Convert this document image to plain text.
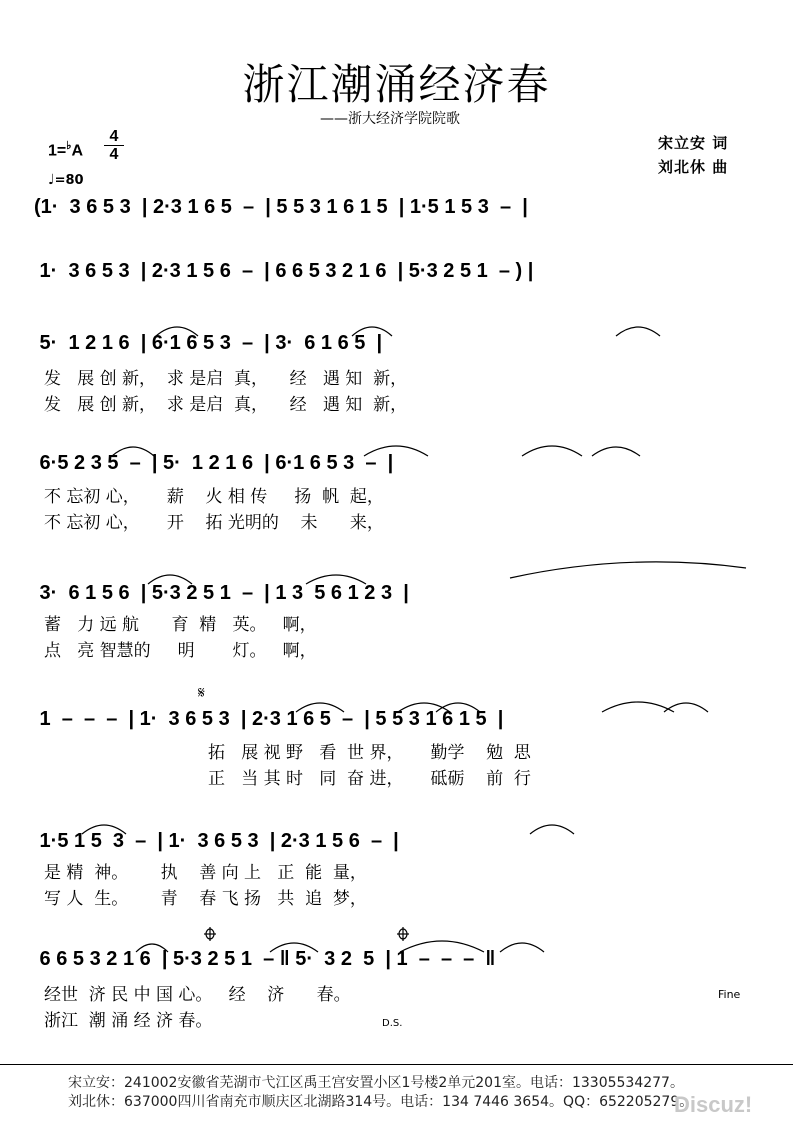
浙江潮涌经济春
——浙大经济学院院歌
1=♭A
4
4
♩=80
宋立安 词
刘北休 曲
(1·  3 6 5 3  | 2·3 1 6 5  –  | 5 5 3 1 6 1 5  | 1·5 1 5 3  –  |
1·  3 6 5 3  | 2·3 1 5 6  –  | 6 6 5 3 2 1 6  | 5·3 2 5 1  – ) |
5·  1 2 1 6  | 6·1 6 5 3  –  | 3·  6 1 6 5  |
发   展 创 新，  求 是启  真，    经   遇 知  新，
发   展 创 新，  求 是启  真，    经   遇 知  新，
6·5 2 3 5  –  | 5·  1 2 1 6  | 6·1 6 5 3  –  |
不 忘初 心，     薪    火 相 传     扬  帆  起，
不 忘初 心，     开    拓 光明的    未      来，
3·  6 1 5 6  | 5·3 2 5 1  –  | 1 3  5 6 1 2 3  |
蓄   力 远 航      育  精   英。   啊，
点   亮 智慧的     明       灯。   啊，
1  –  –  –  | 1·  3 6 5 3  | 2·3 1 6 5  –  | 5 5 3 1 6 1 5  |
拓   展 视 野   看  世 界，     勤学    勉  思
正   当 其 时   同  奋 进，     砥砺    前  行
1·5 1 5  3  –  | 1·  3 6 5 3  | 2·3 1 5 6  –  |
是 精  神。      执    善 向 上   正  能  量，
写 人  生。      青    春 飞 扬   共  追  梦，
6 6 5 3 2 1 6  | 5·3 2 5 1  – ‖ 5·  3 2  5  | 1  –  –  –  ‖
经世  济 民 中 国 心。   经    济      春。
浙江  潮 涌 经 济 春。
𝄋
Fine
D.S.
宋立安：241002安徽省芜湖市弋江区禹王宫安置小区1号楼2单元201室。电话：13305534277。
刘北休：637000四川省南充市顺庆区北湖路314号。电话：134 7446 3654。QQ：652205279。
Discuz!
